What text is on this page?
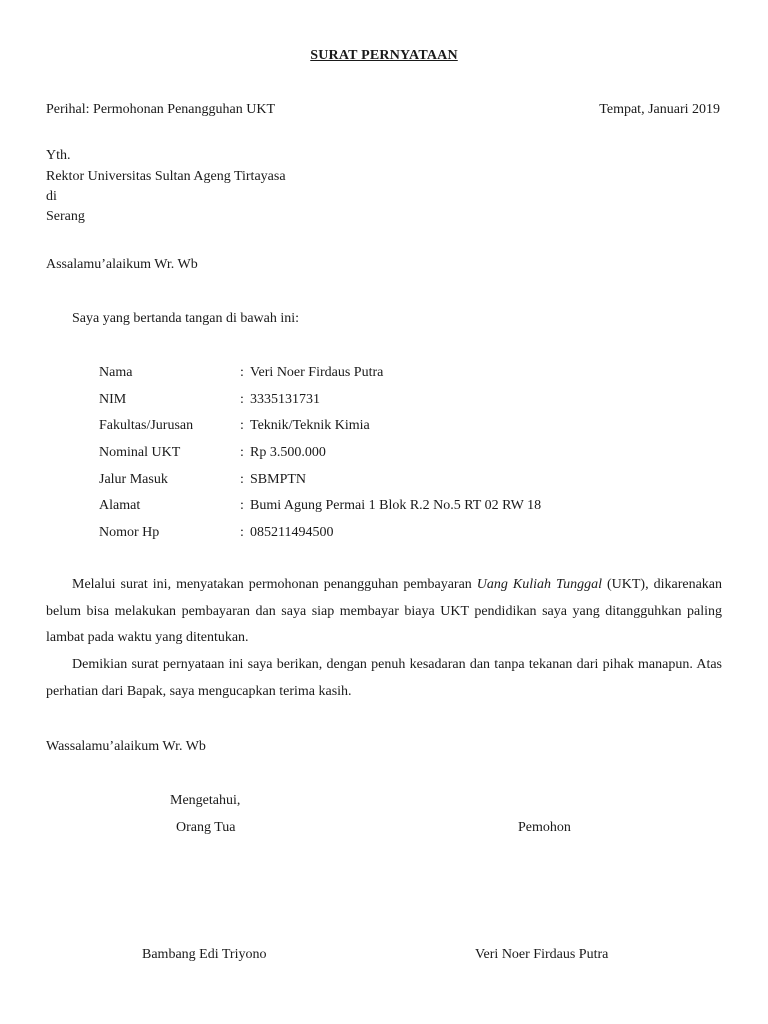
SURAT PERNYATAAN
Perihal: Permohonan Penangguhan UKT	Tempat, Januari 2019
Yth.
Rektor Universitas Sultan Ageng Tirtayasa
di
Serang
Assalamu’alaikum Wr. Wb
Saya yang bertanda tangan di bawah ini:
Nama	: Veri Noer Firdaus Putra
NIM	: 3335131731
Fakultas/Jurusan	: Teknik/Teknik Kimia
Nominal UKT	: Rp 3.500.000
Jalur Masuk	: SBMPTN
Alamat	: Bumi Agung Permai 1 Blok R.2 No.5 RT 02 RW 18
Nomor Hp	: 085211494500
Melalui surat ini, menyatakan permohonan penangguhan pembayaran Uang Kuliah Tunggal (UKT), dikarenakan belum bisa melakukan pembayaran dan saya siap membayar biaya UKT pendidikan saya yang ditangguhkan paling lambat pada waktu yang ditentukan.
Demikian surat pernyataan ini saya berikan, dengan penuh kesadaran dan tanpa tekanan dari pihak manapun. Atas perhatian dari Bapak, saya mengucapkan terima kasih.
Wassalamu’alaikum Wr. Wb
Mengetahui,
Orang Tua	Pemohon
Bambang Edi Triyono	Veri Noer Firdaus Putra
